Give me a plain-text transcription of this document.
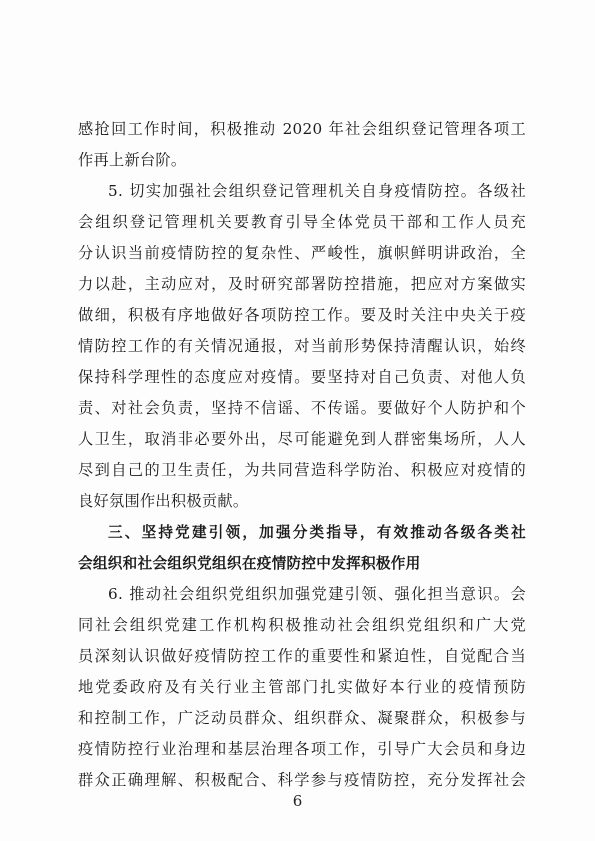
感抢回工作时间，积极推动 2020 年社会组织登记管理各项工
作再上新台阶。
5. 切实加强社会组织登记管理机关自身疫情防控。各级社
会组织登记管理机关要教育引导全体党员干部和工作人员充
分认识当前疫情防控的复杂性、严峻性，旗帜鲜明讲政治，全
力以赴，主动应对，及时研究部署防控措施，把应对方案做实
做细，积极有序地做好各项防控工作。要及时关注中央关于疫
情防控工作的有关情况通报，对当前形势保持清醒认识，始终
保持科学理性的态度应对疫情。要坚持对自己负责、对他人负
责、对社会负责，坚持不信谣、不传谣。要做好个人防护和个
人卫生，取消非必要外出，尽可能避免到人群密集场所，人人
尽到自己的卫生责任，为共同营造科学防治、积极应对疫情的
良好氛围作出积极贡献。
三、坚持党建引领，加强分类指导，有效推动各级各类社
会组织和社会组织党组织在疫情防控中发挥积极作用
6. 推动社会组织党组织加强党建引领、强化担当意识。会
同社会组织党建工作机构积极推动社会组织党组织和广大党
员深刻认识做好疫情防控工作的重要性和紧迫性，自觉配合当
地党委政府及有关行业主管部门扎实做好本行业的疫情预防
和控制工作，广泛动员群众、组织群众、凝聚群众，积极参与
疫情防控行业治理和基层治理各项工作，引导广大会员和身边
群众正确理解、积极配合、科学参与疫情防控，充分发挥社会
6
